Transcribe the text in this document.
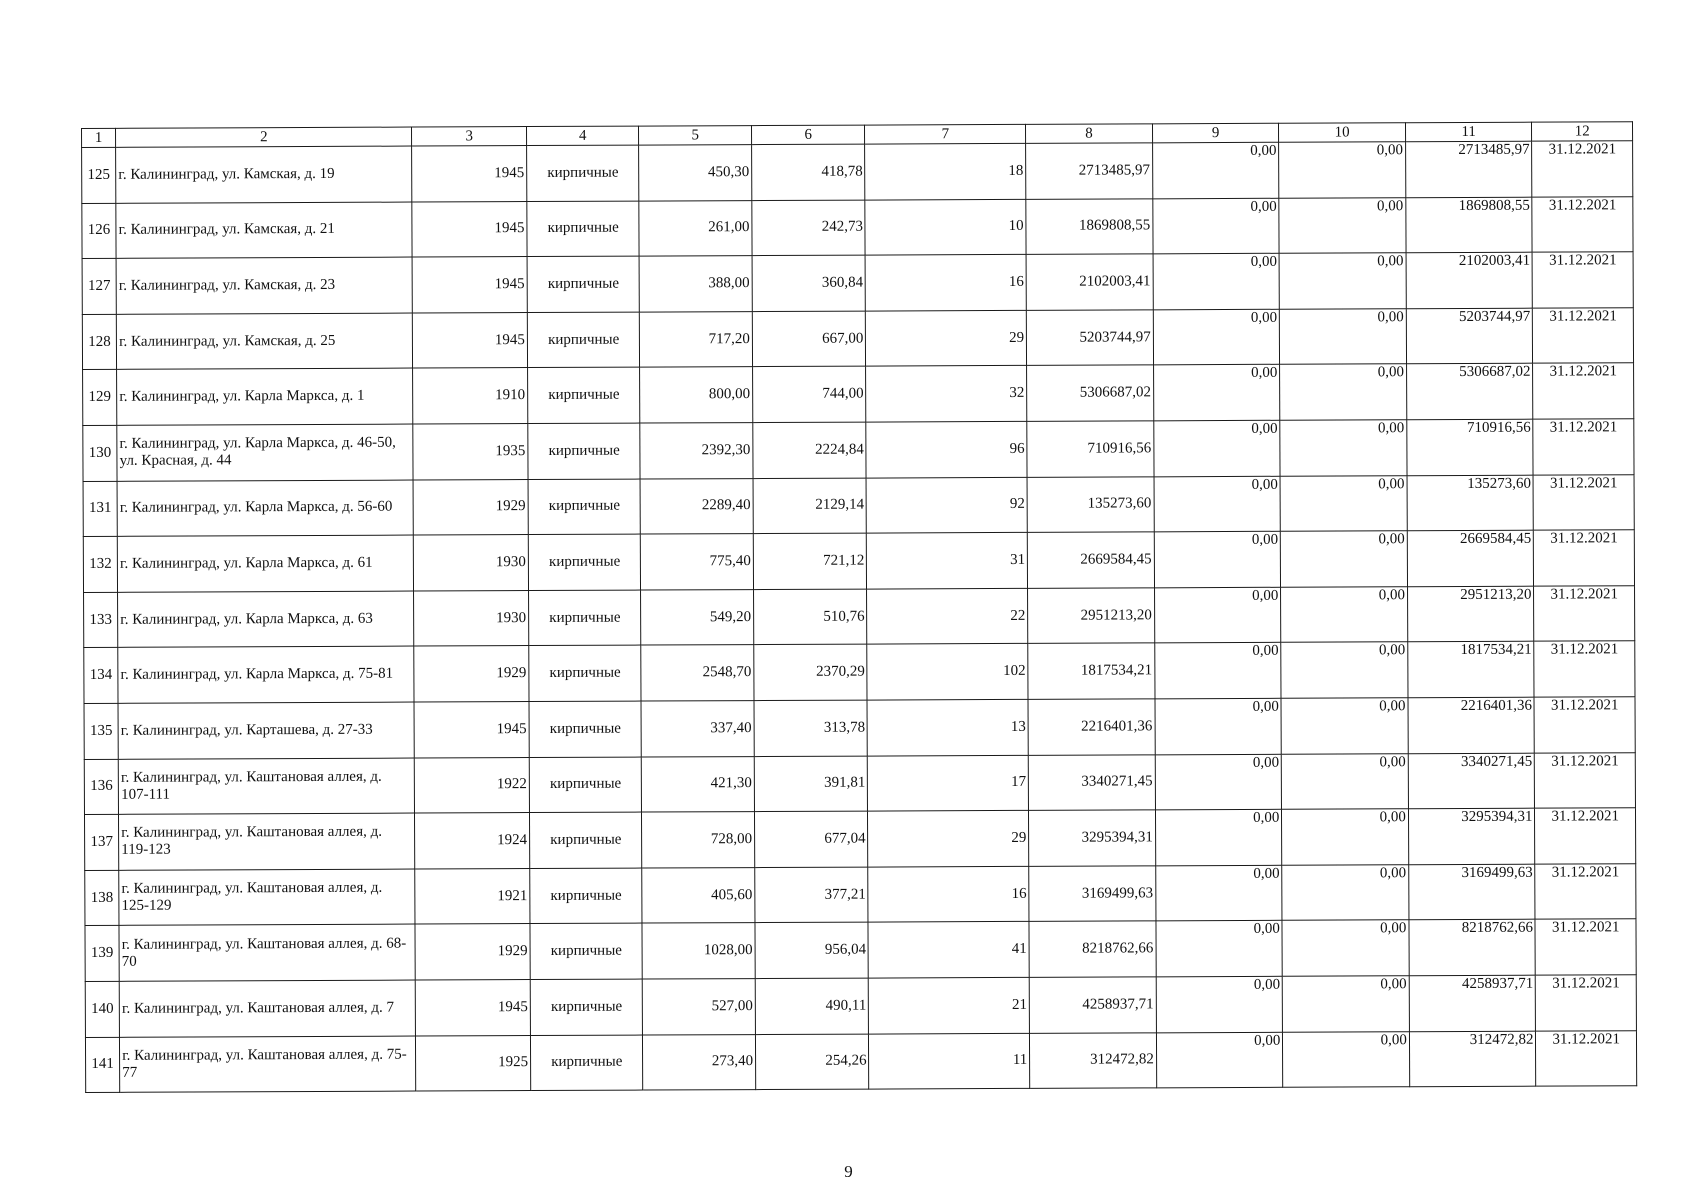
1	2	3	4	5	6	7	8	9	10	11	12
125	г. Калининград, ул. Камская, д. 19	1945	кирпичные	450,30	418,78	18	2713485,97	0,00	0,00	2713485,97	31.12.2021
126	г. Калининград, ул. Камская, д. 21	1945	кирпичные	261,00	242,73	10	1869808,55	0,00	0,00	1869808,55	31.12.2021
127	г. Калининград, ул. Камская, д. 23	1945	кирпичные	388,00	360,84	16	2102003,41	0,00	0,00	2102003,41	31.12.2021
128	г. Калининград, ул. Камская, д. 25	1945	кирпичные	717,20	667,00	29	5203744,97	0,00	0,00	5203744,97	31.12.2021
129	г. Калининград, ул. Карла Маркса, д. 1	1910	кирпичные	800,00	744,00	32	5306687,02	0,00	0,00	5306687,02	31.12.2021
130	г. Калининград, ул. Карла Маркса, д. 46-50, ул. Красная, д. 44	1935	кирпичные	2392,30	2224,84	96	710916,56	0,00	0,00	710916,56	31.12.2021
131	г. Калининград, ул. Карла Маркса, д. 56-60	1929	кирпичные	2289,40	2129,14	92	135273,60	0,00	0,00	135273,60	31.12.2021
132	г. Калининград, ул. Карла Маркса, д. 61	1930	кирпичные	775,40	721,12	31	2669584,45	0,00	0,00	2669584,45	31.12.2021
133	г. Калининград, ул. Карла Маркса, д. 63	1930	кирпичные	549,20	510,76	22	2951213,20	0,00	0,00	2951213,20	31.12.2021
134	г. Калининград, ул. Карла Маркса, д. 75-81	1929	кирпичные	2548,70	2370,29	102	1817534,21	0,00	0,00	1817534,21	31.12.2021
135	г. Калининград, ул. Карташева, д. 27-33	1945	кирпичные	337,40	313,78	13	2216401,36	0,00	0,00	2216401,36	31.12.2021
136	г. Калининград, ул. Каштановая аллея, д. 107-111	1922	кирпичные	421,30	391,81	17	3340271,45	0,00	0,00	3340271,45	31.12.2021
137	г. Калининград, ул. Каштановая аллея, д. 119-123	1924	кирпичные	728,00	677,04	29	3295394,31	0,00	0,00	3295394,31	31.12.2021
138	г. Калининград, ул. Каштановая аллея, д. 125-129	1921	кирпичные	405,60	377,21	16	3169499,63	0,00	0,00	3169499,63	31.12.2021
139	г. Калининград, ул. Каштановая аллея, д. 68-70	1929	кирпичные	1028,00	956,04	41	8218762,66	0,00	0,00	8218762,66	31.12.2021
140	г. Калининград, ул. Каштановая аллея, д. 7	1945	кирпичные	527,00	490,11	21	4258937,71	0,00	0,00	4258937,71	31.12.2021
141	г. Калининград, ул. Каштановая аллея, д. 75-77	1925	кирпичные	273,40	254,26	11	312472,82	0,00	0,00	312472,82	31.12.2021
9
